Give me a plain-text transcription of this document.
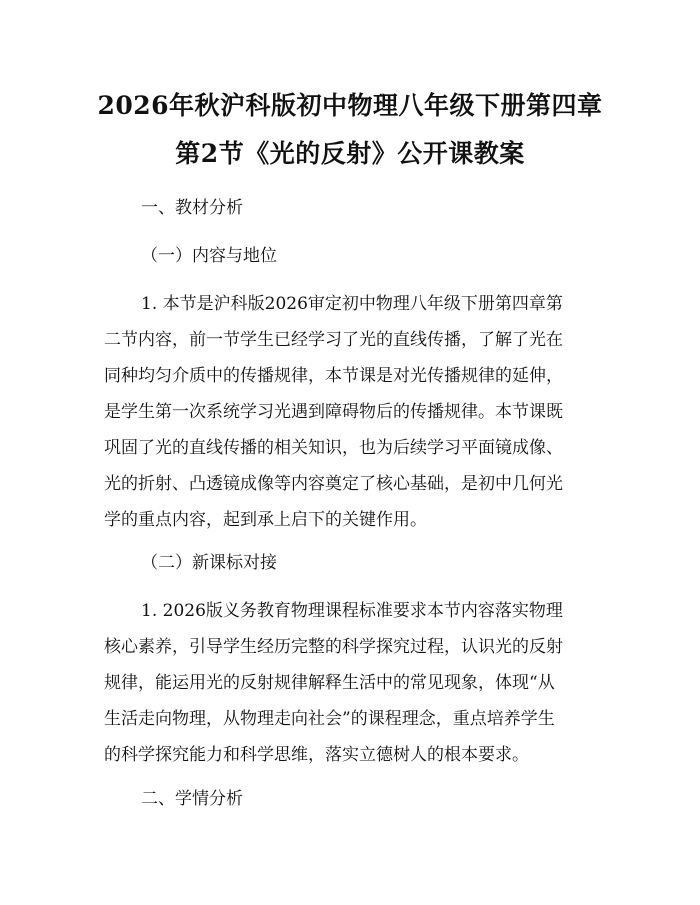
2026年秋沪科版初中物理八年级下册第四章
第2节《光的反射》公开课教案
一、教材分析
（一）内容与地位
1. 本节是沪科版2026审定初中物理八年级下册第四章第
二节内容，前一节学生已经学习了光的直线传播，了解了光在
同种均匀介质中的传播规律，本节课是对光传播规律的延伸，
是学生第一次系统学习光遇到障碍物后的传播规律。本节课既
巩固了光的直线传播的相关知识，也为后续学习平面镜成像、
光的折射、凸透镜成像等内容奠定了核心基础，是初中几何光
学的重点内容，起到承上启下的关键作用。
（二）新课标对接
1. 2026版义务教育物理课程标准要求本节内容落实物理
核心素养，引导学生经历完整的科学探究过程，认识光的反射
规律，能运用光的反射规律解释生活中的常见现象，体现“从
生活走向物理，从物理走向社会”的课程理念，重点培养学生
的科学探究能力和科学思维，落实立德树人的根本要求。
二、学情分析
